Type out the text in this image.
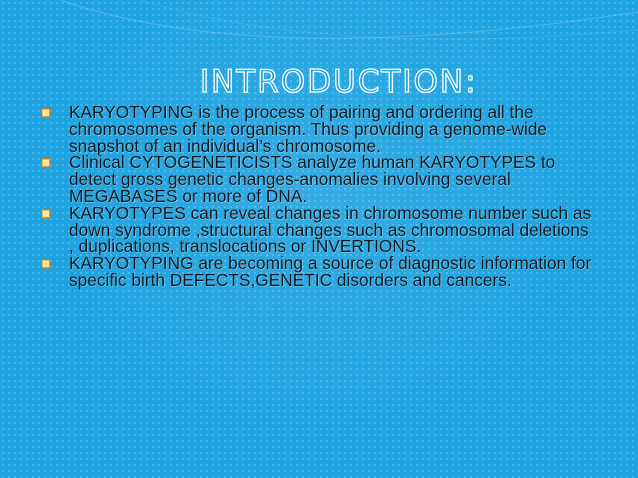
INTRODUCTION:
KARYOTYPING is the process of pairing and ordering all the chromosomes of the organism. Thus providing a genome-wide snapshot of an individual’s chromosome.
Clinical CYTOGENETICISTS analyze human KARYOTYPES to detect gross genetic changes-anomalies involving several MEGABASES or more of DNA.
KARYOTYPES can reveal changes in chromosome number such as down syndrome ,structural changes such as chromosomal deletions , duplications, translocations or INVERTIONS.
KARYOTYPING are becoming a source of diagnostic information for specific birth DEFECTS,GENETIC disorders and cancers.
